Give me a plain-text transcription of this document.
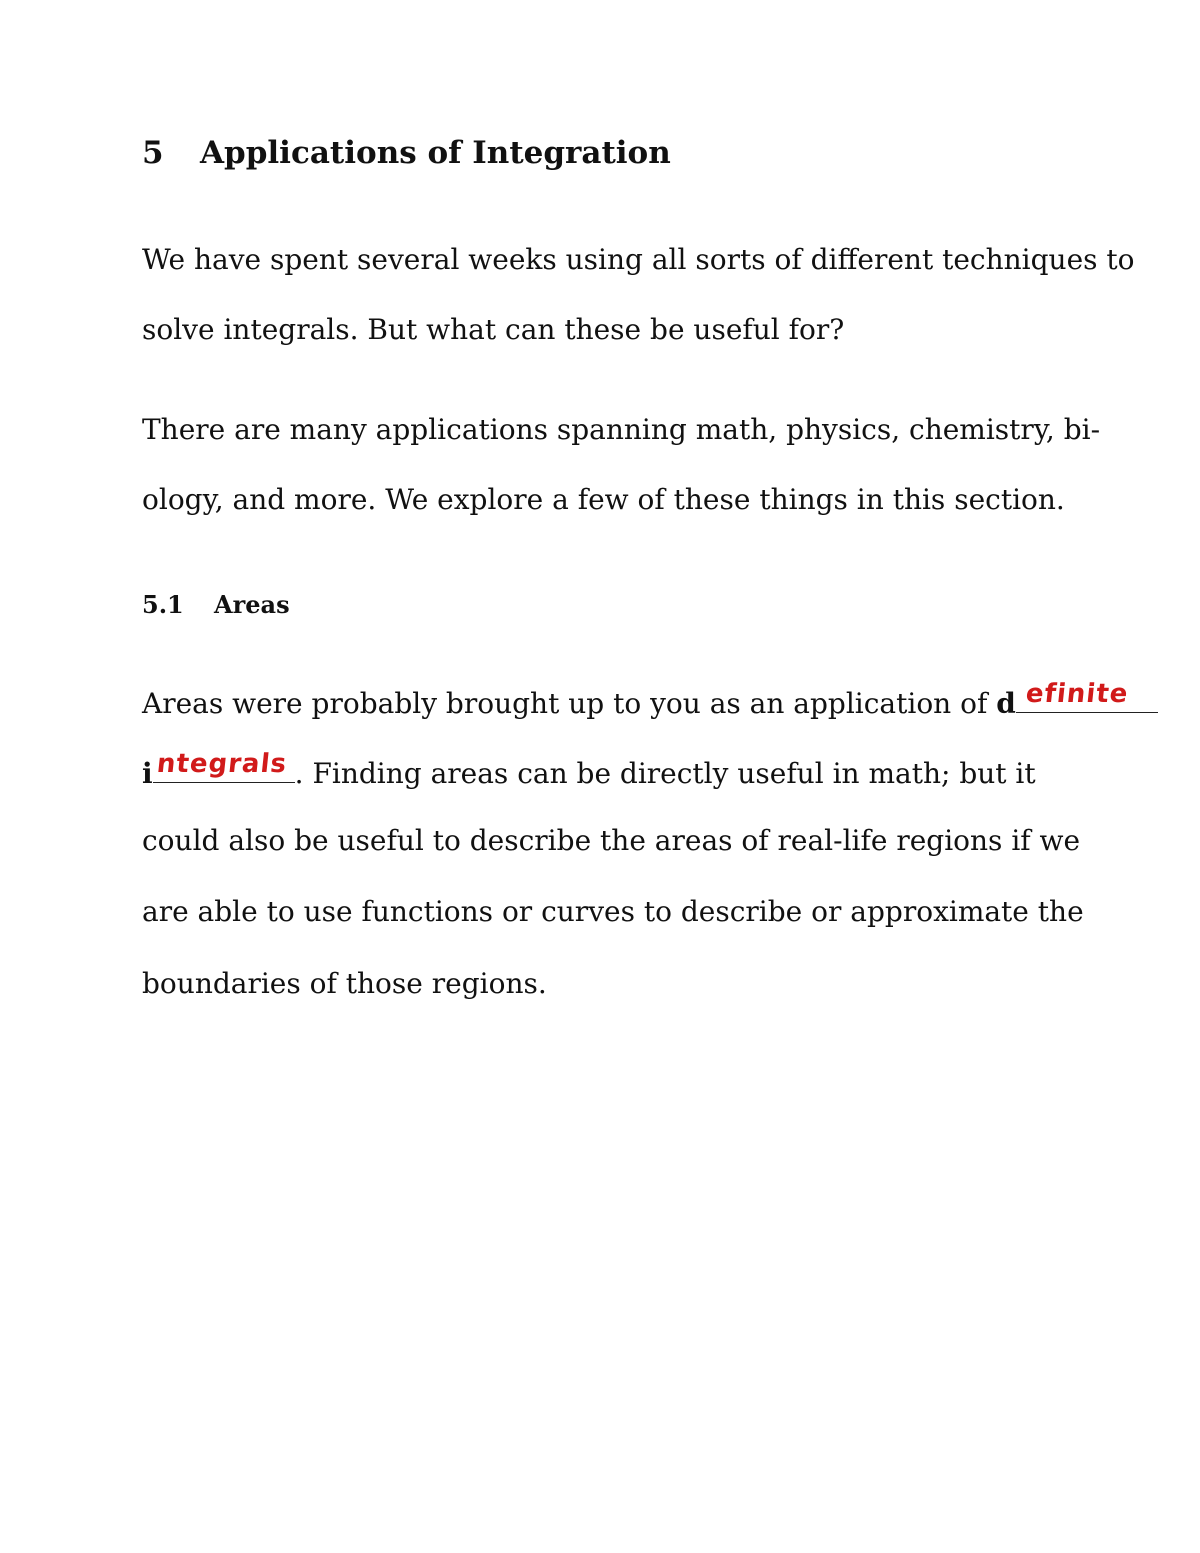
5 Applications of Integration
We have spent several weeks using all sorts of different techniques to
solve integrals. But what can these be useful for?
There are many applications spanning math, physics, chemistry, bi-
ology, and more. We explore a few of these things in this section.
5.1 Areas
Areas were probably brought up to you as an application of d efinite
i ntegrals . Finding areas can be directly useful in math; but it
could also be useful to describe the areas of real-life regions if we
are able to use functions or curves to describe or approximate the
boundaries of those regions.
